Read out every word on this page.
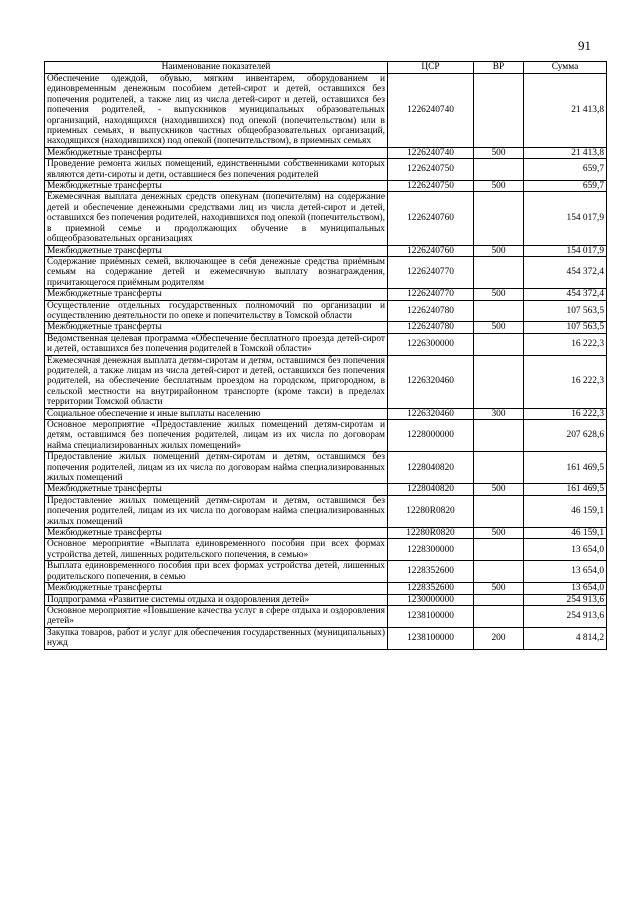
91
Наименование показателей	ЦСР	ВР	Сумма
Обеспечение одеждой, обувью, мягким инвентарем, оборудованием и единовременным денежным пособием детей-сирот и детей, оставшихся без попечения родителей, а также лиц из числа детей-сирот и детей, оставшихся без попечения родителей, - выпускников муниципальных образовательных организаций, находящихся (находившихся) под опекой (попечительством) или в приемных семьях, и выпускников частных общеобразовательных организаций, находящихся (находившихся) под опекой (попечительством), в приемных семьях	1226240740		21 413,8
Межбюджетные трансферты	1226240740	500	21 413,8
Проведение ремонта жилых помещений, единственными собственниками которых являются дети-сироты и дети, оставшиеся без попечения родителей	1226240750		659,7
Межбюджетные трансферты	1226240750	500	659,7
Ежемесячная выплата денежных средств опекунам (попечителям) на содержание детей и обеспечение денежными средствами лиц из числа детей-сирот и детей, оставшихся без попечения родителей, находившихся под опекой (попечительством), в приемной семье и продолжающих обучение в муниципальных общеобразовательных организациях	1226240760		154 017,9
Межбюджетные трансферты	1226240760	500	154 017,9
Содержание приёмных семей, включающее в себя денежные средства приёмным семьям на содержание детей и ежемесячную выплату вознаграждения, причитающегося приёмным родителям	1226240770		454 372,4
Межбюджетные трансферты	1226240770	500	454 372,4
Осуществление отдельных государственных полномочий по организации и осуществлению деятельности по опеке и попечительству в Томской области	1226240780		107 563,5
Межбюджетные трансферты	1226240780	500	107 563,5
Ведомственная целевая программа «Обеспечение бесплатного проезда детей-сирот и детей, оставшихся без попечения родителей в Томской области»	1226300000		16 222,3
Ежемесячная денежная выплата детям-сиротам и детям, оставшимся без попечения родителей, а также лицам из числа детей-сирот и детей, оставшихся без попечения родителей, на обеспечение бесплатным проездом на городском, пригородном, в сельской местности на внутрирайонном транспорте (кроме такси) в пределах территории Томской области	1226320460		16 222,3
Социальное обеспечение и иные выплаты населению	1226320460	300	16 222,3
Основное мероприятие «Предоставление жилых помещений детям-сиротам и детям, оставшимся без попечения родителей, лицам из их числа по договорам найма специализированных жилых помещений»	1228000000		207 628,6
Предоставление жилых помещений детям-сиротам и детям, оставшимся без попечения родителей, лицам из их числа по договорам найма специализированных жилых помещений	1228040820		161 469,5
Межбюджетные трансферты	1228040820	500	161 469,5
Предоставление жилых помещений детям-сиротам и детям, оставшимся без попечения родителей, лицам из их числа по договорам найма специализированных жилых помещений	12280R0820		46 159,1
Межбюджетные трансферты	12280R0820	500	46 159,1
Основное мероприятие «Выплата единовременного пособия при всех формах устройства детей, лишенных родительского попечения, в семью»	1228300000		13 654,0
Выплата единовременного пособия при всех формах устройства детей, лишенных родительского попечения, в семью	1228352600		13 654,0
Межбюджетные трансферты	1228352600	500	13 654,0
Подпрограмма «Развитие системы отдыха и оздоровления детей»	1230000000		254 913,6
Основное мероприятие «Повышение качества услуг в сфере отдыха и оздоровления детей»	1238100000		254 913,6
Закупка товаров, работ и услуг для обеспечения государственных (муниципальных) нужд	1238100000	200	4 814,2
